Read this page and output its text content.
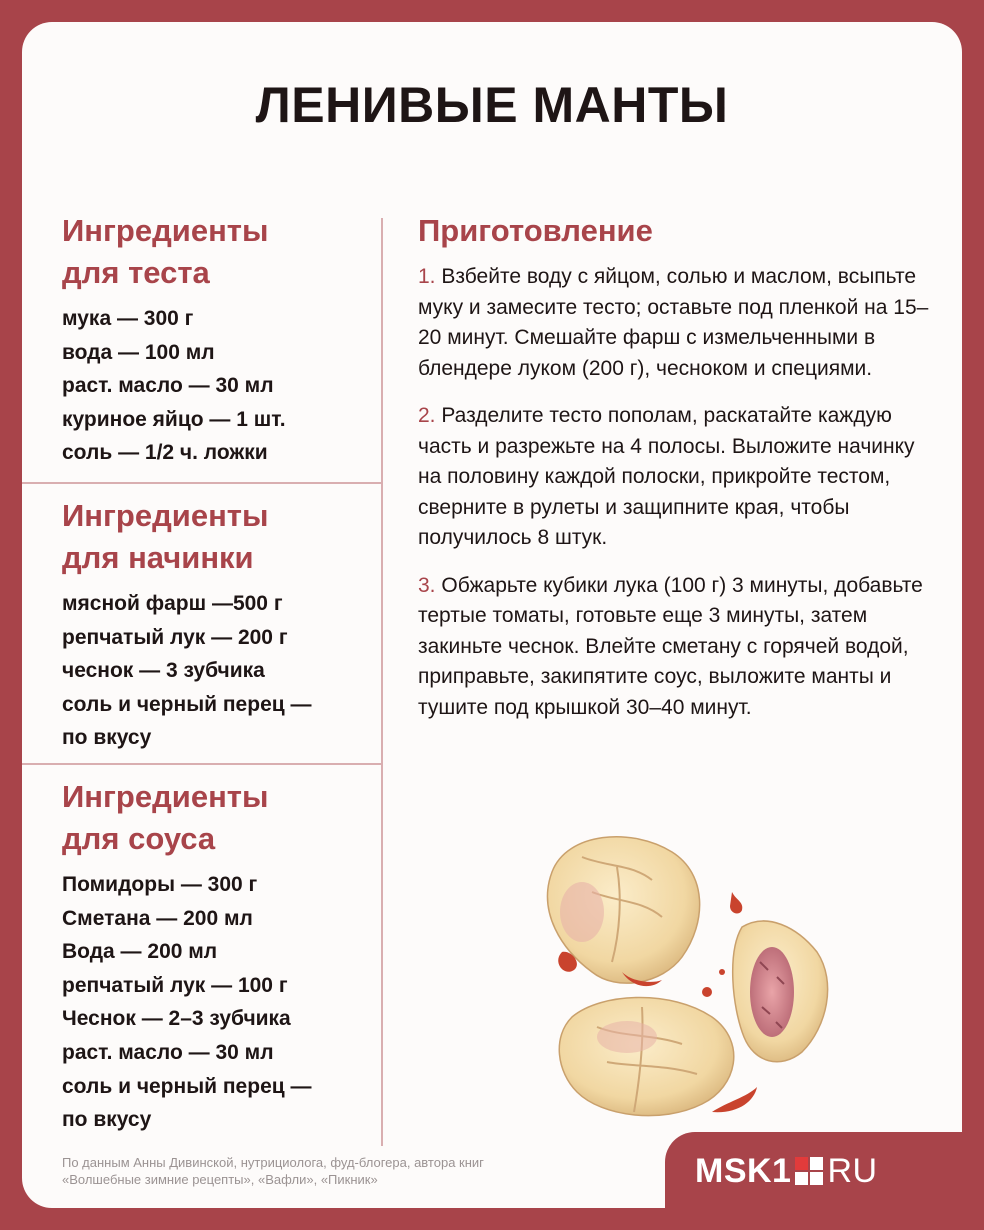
ЛЕНИВЫЕ МАНТЫ
Ингредиенты
для теста
мука — 300 г
вода — 100 мл
раст. масло — 30 мл
куриное яйцо — 1 шт.
соль — 1/2 ч. ложки
Ингредиенты
для начинки
мясной фарш —500 г
репчатый лук — 200 г
чеснок — 3 зубчика
соль и черный перец —
по вкусу
Ингредиенты
для соуса
Помидоры — 300 г
Сметана — 200 мл
Вода — 200 мл
репчатый лук — 100 г
Чеснок — 2–3 зубчика
раст. масло — 30 мл
соль и черный перец —
по вкусу
Приготовление

1. Взбейте воду с яйцом, солью и маслом, всыпьте муку и замесите тесто; оставьте под пленкой на 15–20 минут. Смешайте фарш с измельченными в блендере луком (200 г), чесноком и специями.

2. Разделите тесто пополам, раскатайте каждую часть и разрежьте на 4 полосы. Выложите начинку на половину каждой полоски, прикройте тестом, сверните в рулеты и защипните края, чтобы получилось 8 штук.

3. Обжарьте кубики лука (100 г) 3 минуты, добавьте тертые томаты, готовьте еще 3 минуты, затем закиньте чеснок. Влейте сметану с горячей водой, приправьте, закипятите соус, выложите манты и тушите под крышкой 30–40 минут.

По данным Анны Дивинской, нутрициолога, фуд-блогера, автора книг
«Волшебные зимние рецепты», «Вафли», «Пикник»	MSK1 RU
